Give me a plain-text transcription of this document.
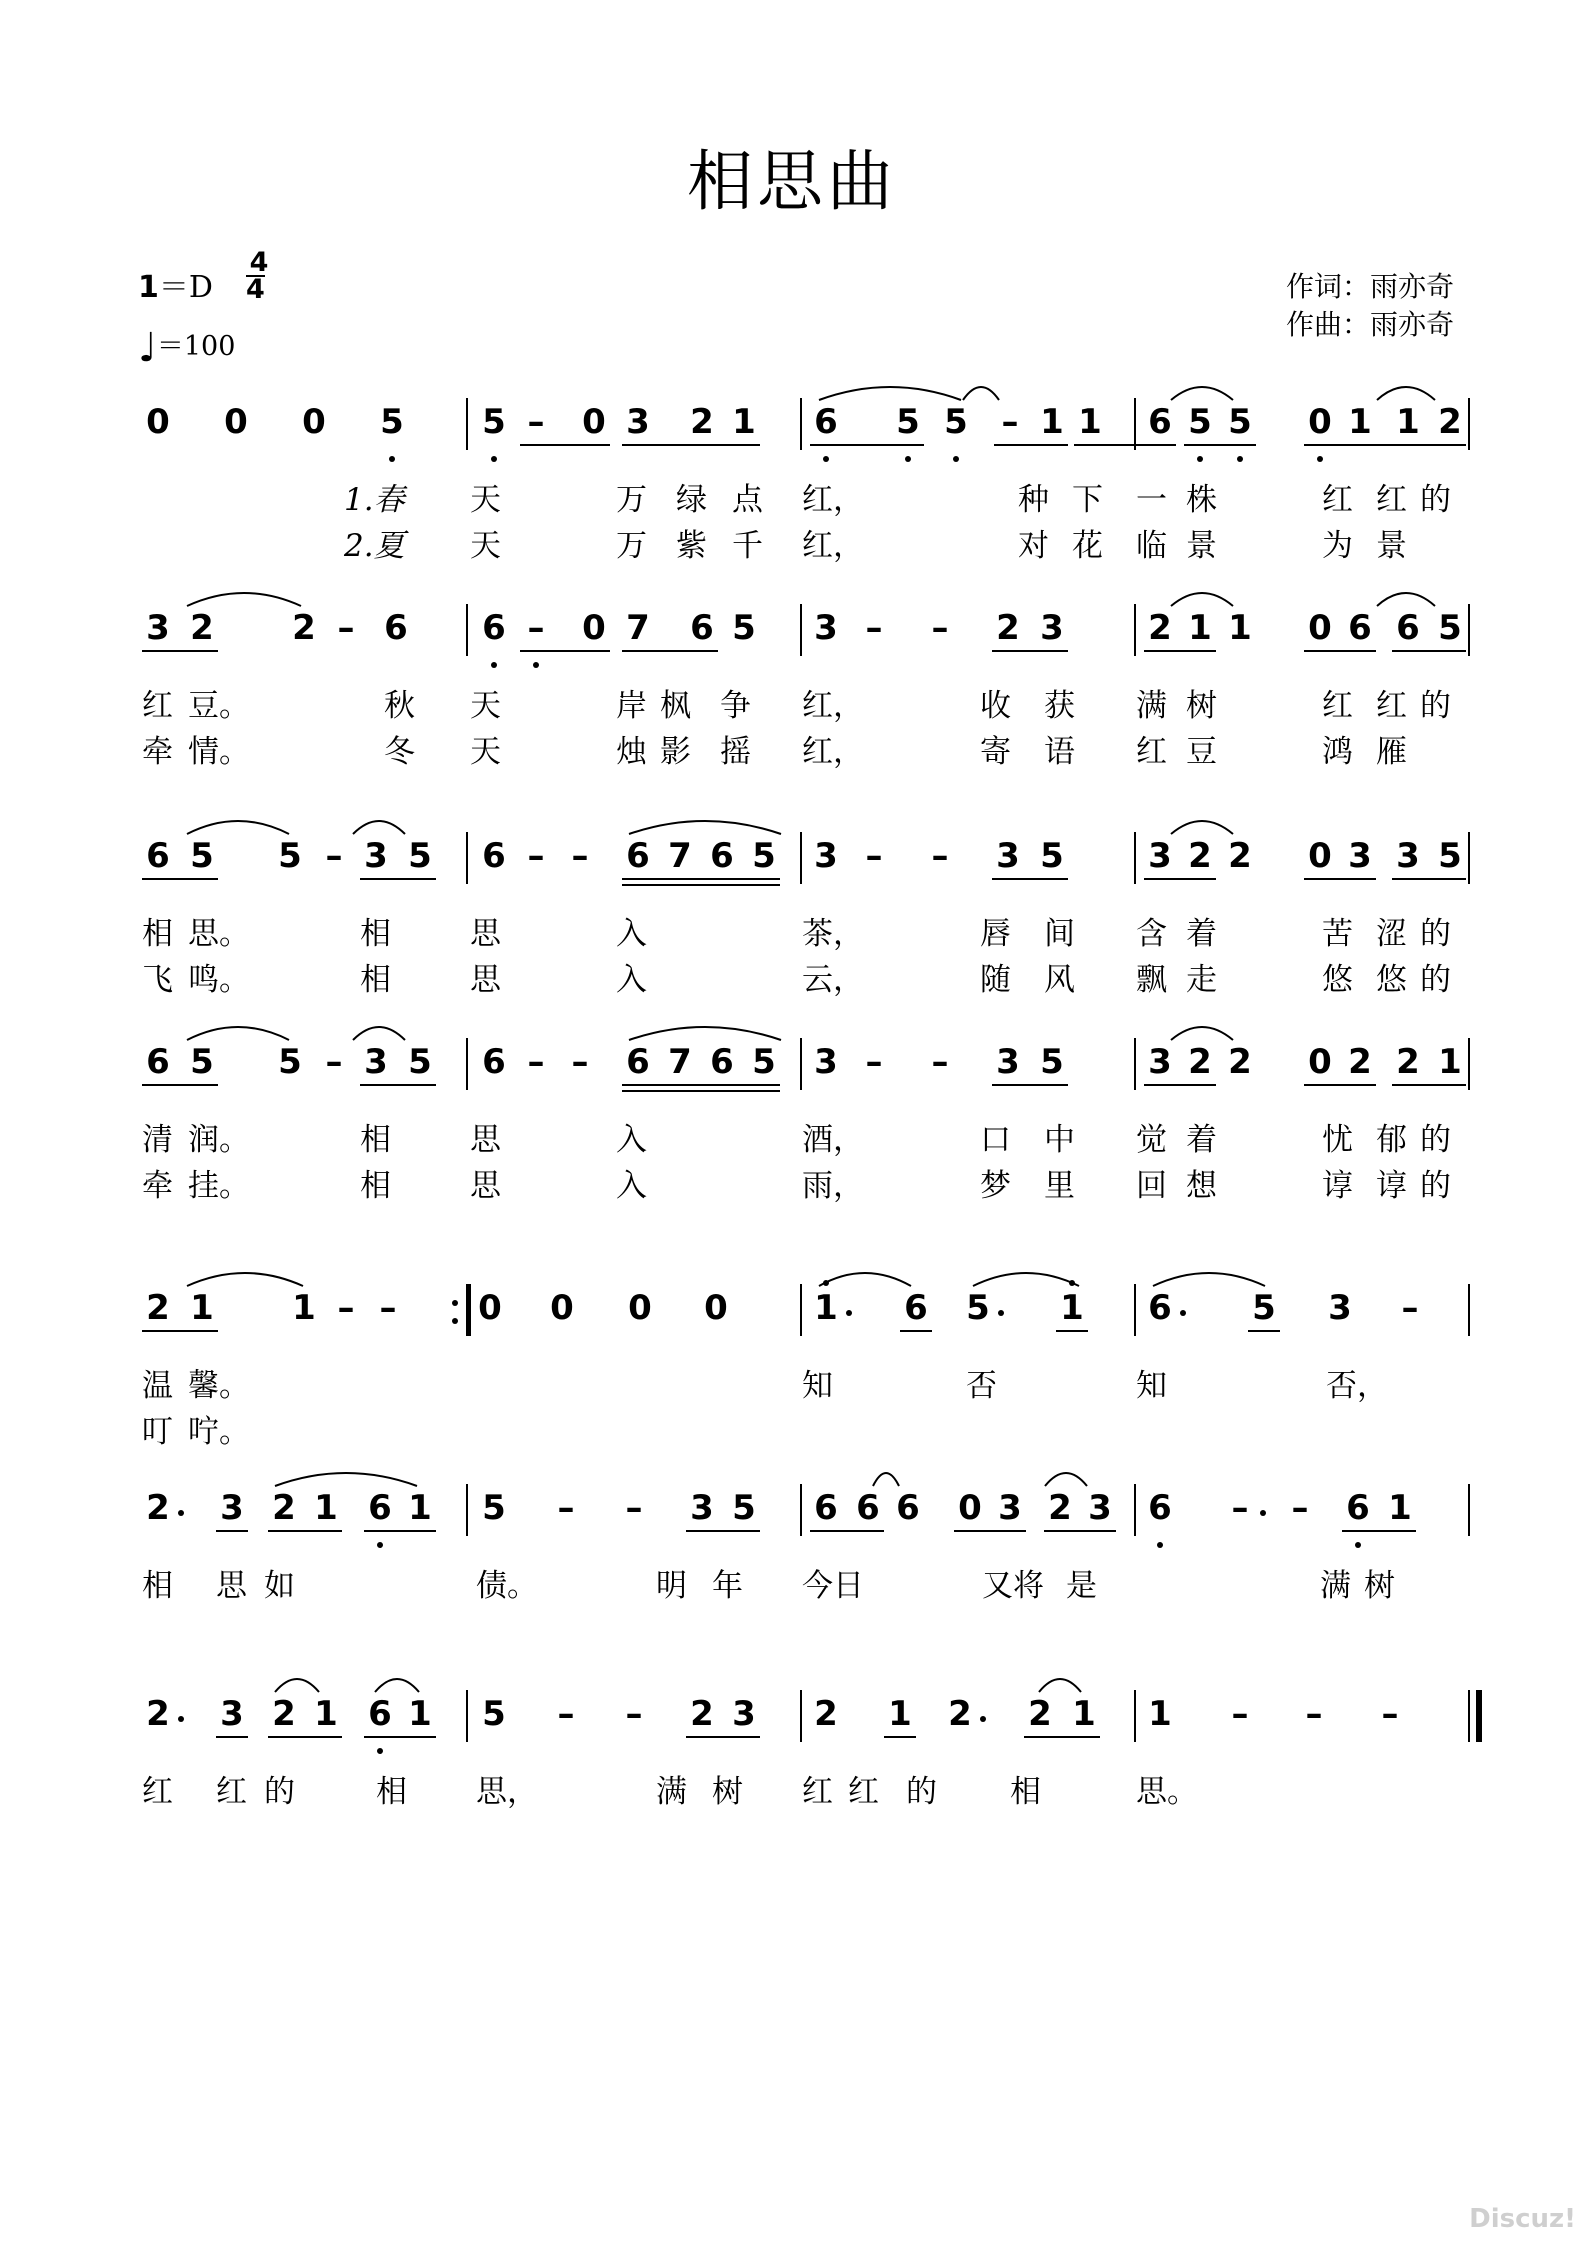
相思曲
1＝D
4
4
♩＝100
作词：雨亦奇
作曲：雨亦奇
0 0 0 5 5 – 0 3 2 1 6 5 5 – 1 1 6 5 5 0 1 1 2
1.春 天	万 绿 点 红，	种 下 一 株	红 红 的
2.夏 天	万 紫 千 红，	对 花 临 景	为 景
3 2 2 – 6 6 – 0 7 6 5 3 – – 2 3 2 1 1 0 6 6 5
红 豆。	秋 天	岸 枫 争 红，	收 获 满 树	红 红 的
牵 情。	冬 天	烛 影 摇 红，	寄 语 红 豆	鸿 雁
6 5 5 – 3 5 6 – – 6 7 6 5 3 – – 3 5 3 2 2 0 3 3 5
相 思。	相	思	入	茶，	唇 间 含 着	苦 涩 的
飞 鸣。	相	思	入	云，	随 风 飘 走	悠 悠 的
6 5 5 – 3 5 6 – – 6 7 6 5 3 – – 3 5 3 2 2 0 2 2 1
清 润。	相	思	入	酒，	口 中 觉 着	忧 郁 的
牵 挂。	相	思	入	雨，	梦 里 回 想	谆 谆 的
2 1 1 – – 0 0 0 0	1 6 5 1 6 5 3 –
温 馨。	知	否	知	否，
叮 咛。
2 3 2 1 6 1 5 – – 3 5 6 6 6 0 3 2 3 6 – – 6 1
相 思 如	债。	明 年 今日	又将 是	满 树
2 3 2 1 6 1 5 – – 2 3 2 1 2 2 1 1 – – –
红 红 的	相 思，	满 树 红 红 的 相	思。
Discuz!
